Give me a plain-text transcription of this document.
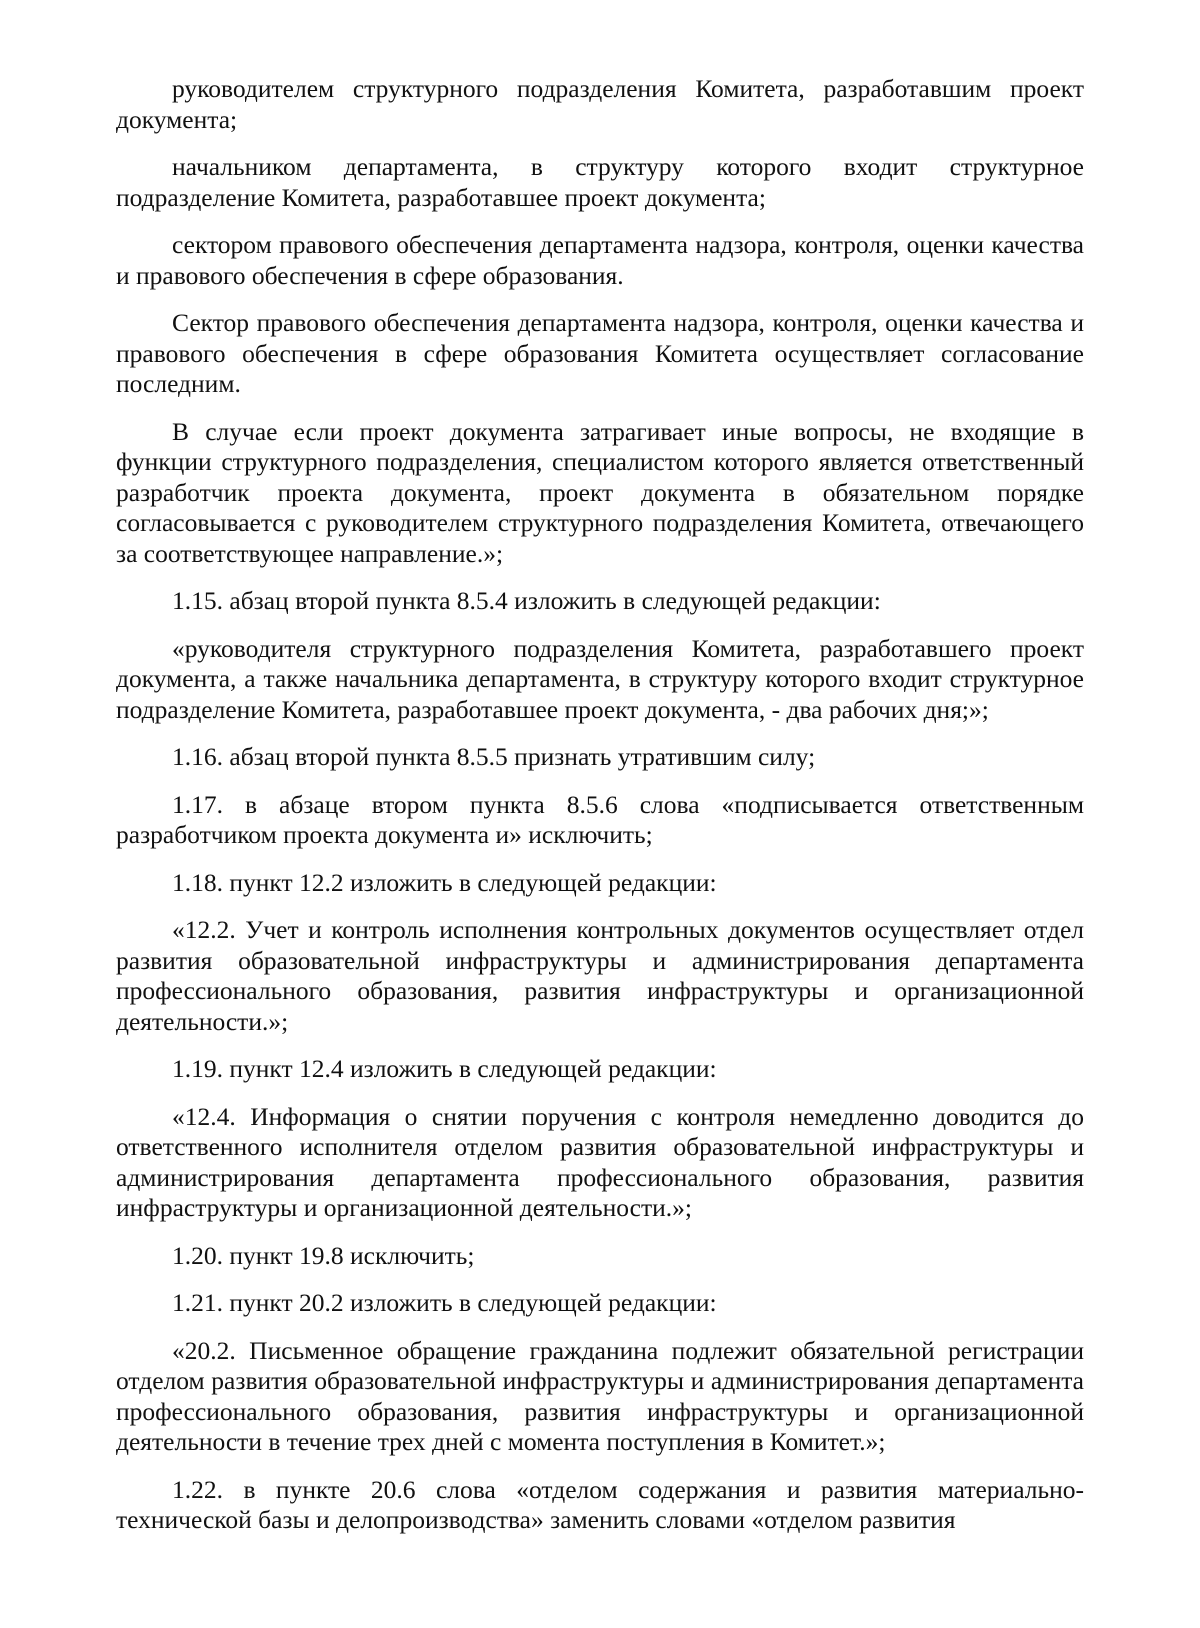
руководителем структурного подразделения Комитета, разработавшим проект документа;

начальником департамента, в структуру которого входит структурное подразделение Комитета, разработавшее проект документа;

сектором правового обеспечения департамента надзора, контроля, оценки качества и правового обеспечения в сфере образования.

Сектор правового обеспечения департамента надзора, контроля, оценки качества и правового обеспечения в сфере образования Комитета осуществляет согласование последним.

В случае если проект документа затрагивает иные вопросы, не входящие в функции структурного подразделения, специалистом которого является ответственный разработчик проекта документа, проект документа в обязательном порядке согласовывается с руководителем структурного подразделения Комитета, отвечающего за соответствующее направление.»;

1.15. абзац второй пункта 8.5.4 изложить в следующей редакции:

«руководителя структурного подразделения Комитета, разработавшего проект документа, а также начальника департамента, в структуру которого входит структурное подразделение Комитета, разработавшее проект документа, - два рабочих дня;»;

1.16. абзац второй пункта 8.5.5 признать утратившим силу;

1.17. в абзаце втором пункта 8.5.6 слова «подписывается ответственным разработчиком проекта документа и» исключить;

1.18. пункт 12.2 изложить в следующей редакции:

«12.2. Учет и контроль исполнения контрольных документов осуществляет отдел развития образовательной инфраструктуры и администрирования департамента профессионального образования, развития инфраструктуры и организационной деятельности.»;

1.19. пункт 12.4 изложить в следующей редакции:

«12.4. Информация о снятии поручения с контроля немедленно доводится до ответственного исполнителя отделом развития образовательной инфраструктуры и администрирования департамента профессионального образования, развития инфраструктуры и организационной деятельности.»;

1.20. пункт 19.8 исключить;

1.21. пункт 20.2 изложить в следующей редакции:

«20.2. Письменное обращение гражданина подлежит обязательной регистрации отделом развития образовательной инфраструктуры и администрирования департамента профессионального образования, развития инфраструктуры и организационной деятельности в течение трех дней с момента поступления в Комитет.»;

1.22. в пункте 20.6 слова «отделом содержания и развития материально-технической базы и делопроизводства» заменить словами «отделом развития
